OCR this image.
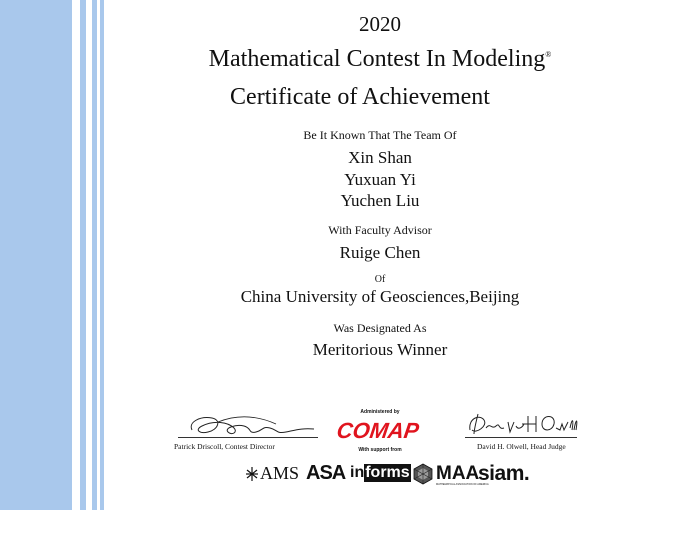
2020
Mathematical Contest In Modeling®
Certificate of Achievement
Be It Known That The Team Of
Xin Shan
Yuxuan Yi
Yuchen Liu
With Faculty Advisor
Ruige Chen
Of
China University of Geosciences,Beijing
Was Designated As
Meritorious Winner
Patrick Driscoll, Contest Director	David H. Olwell, Head Judge
Administered by
COMAP
With support from
AMS ASA informs MAA
MATHEMATICAL ASSOCIATION OF AMERICA
siam.
